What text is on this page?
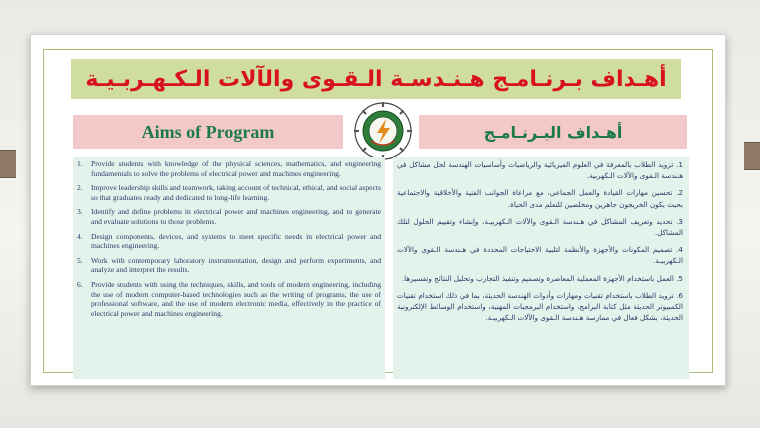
أهـداف بـرنـامـج هـنـدسـة الـقـوى والآلات الـكـهـربـيـة
Aims of Program	أهـداف البـرنـامـج
1.	Provide students with knowledge of the physical sciences, mathematics, and engineering fundamentals to solve the problems of electrical power and machines engineering.
2.	Improve leadership skills and teamwork, taking account of technical, ethical, and social aspects so that graduates ready and dedicated to long-life learning.
3.	Identify and define problems in electrical power and machines engineering, and to generate and evaluate solutions to those problems.
4.	Design components, devices, and systems to meet specific needs in electrical power and machines engineering.
5.	Work with contemporary laboratory instrumentation, design and perform experiments, and analyze and interpret the results.
6.	Provide students with using the techniques, skills, and tools of modern engineering, including the use of modern computer-based technologies such as the writing of programs, the use of professional software, and the use of modern electronic media, effectively in the practice of electrical power and machines engineering.
1. تزويد الطلاب بالمعرفة في العلوم الفيزيائية والرياضيات وأساسيات الهندسة لحل مشاكل في هـندسة الـقوى والآلات الـكهربية.
2. تحسين مهارات القيادة والعمل الجماعي، مع مراعاة الجوانب الفنية والأخلاقية والاجتماعية بحيث يكون الخريجون جاهزين ومخلصين للتعلم مدى الحياة.
3. تحديد وتعريف المشاكل في هـندسة الـقوى والآلات الـكهربيـة، وإنشاء وتقييم الحلول لتلك المشاكل.
4. تصميم المكونات والأجهزة والأنظمة لتلبية الاحتياجات المحددة في هـندسة الـقوى والآلات الـكهربيـة.
5. العمل باستخدام الأجهزة المعملية المعاصرة وتصميم وتنفيذ التجارب وتحليل النتائج وتفسيرها.
6. تزويد الطلاب باستخدام تقنيات ومهارات وأدوات الهندسة الحديثة، بما في ذلك استخدام تقنيات الكمبيوتر الحديثة مثل كتابة البرامج، واستخدام البرمجيات المهنية، واستخدام الوسائط الإلكترونية الحديثة، بشكل فعال في ممارسة هـندسة الـقوى والآلات الـكهربيـة.
